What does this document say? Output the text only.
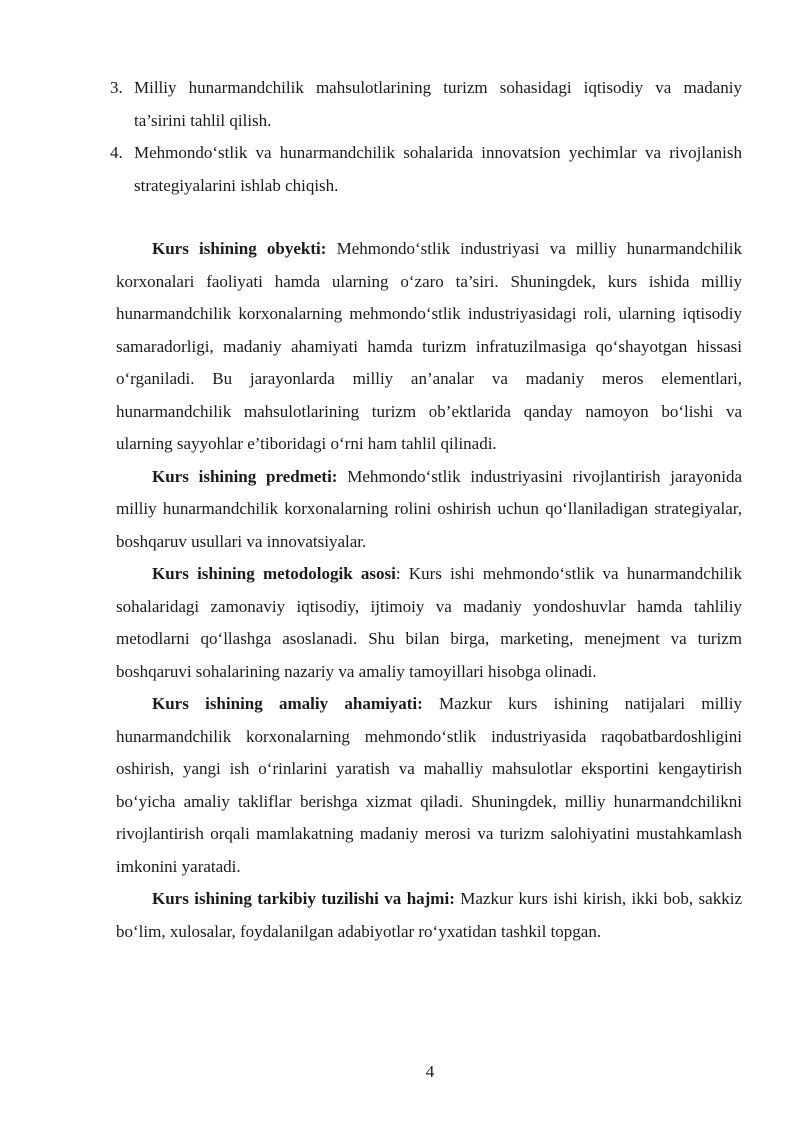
3. Milliy hunarmandchilik mahsulotlarining turizm sohasidagi iqtisodiy va madaniy ta’sirini tahlil qilish.
4. Mehmondo‘stlik va hunarmandchilik sohalarida innovatsion yechimlar va rivojlanish strategiyalarini ishlab chiqish.

Kurs ishining obyekti: Mehmondo‘stlik industriyasi va milliy hunarmandchilik korxonalari faoliyati hamda ularning o‘zaro ta’siri. Shuningdek, kurs ishida milliy hunarmandchilik korxonalarning mehmondo‘stlik industriyasidagi roli, ularning iqtisodiy samaradorligi, madaniy ahamiyati hamda turizm infratuzilmasiga qo‘shayotgan hissasi o‘rganiladi. Bu jarayonlarda milliy an’analar va madaniy meros elementlari, hunarmandchilik mahsulotlarining turizm ob’ektlarida qanday namoyon bo‘lishi va ularning sayyohlar e’tiboridagi o‘rni ham tahlil qilinadi.

Kurs ishining predmeti: Mehmondo‘stlik industriyasini rivojlantirish jarayonida milliy hunarmandchilik korxonalarning rolini oshirish uchun qo‘llaniladigan strategiyalar, boshqaruv usullari va innovatsiyalar.

Kurs ishining metodologik asosi: Kurs ishi mehmondo‘stlik va hunarmandchilik sohalaridagi zamonaviy iqtisodiy, ijtimoiy va madaniy yondoshuvlar hamda tahliliy metodlarni qo‘llashga asoslanadi. Shu bilan birga, marketing, menejment va turizm boshqaruvi sohalarining nazariy va amaliy tamoyillari hisobga olinadi.

Kurs ishining amaliy ahamiyati: Mazkur kurs ishining natijalari milliy hunarmandchilik korxonalarning mehmondo‘stlik industriyasida raqobatbardoshligini oshirish, yangi ish o‘rinlarini yaratish va mahalliy mahsulotlar eksportini kengaytirish bo‘yicha amaliy takliflar berishga xizmat qiladi. Shuningdek, milliy hunarmandchilikni rivojlantirish orqali mamlakatning madaniy merosi va turizm salohiyatini mustahkamlash imkonini yaratadi.

Kurs ishining tarkibiy tuzilishi va hajmi: Mazkur kurs ishi kirish, ikki bob, sakkiz bo‘lim, xulosalar, foydalanilgan adabiyotlar ro‘yxatidan tashkil topgan.

4
